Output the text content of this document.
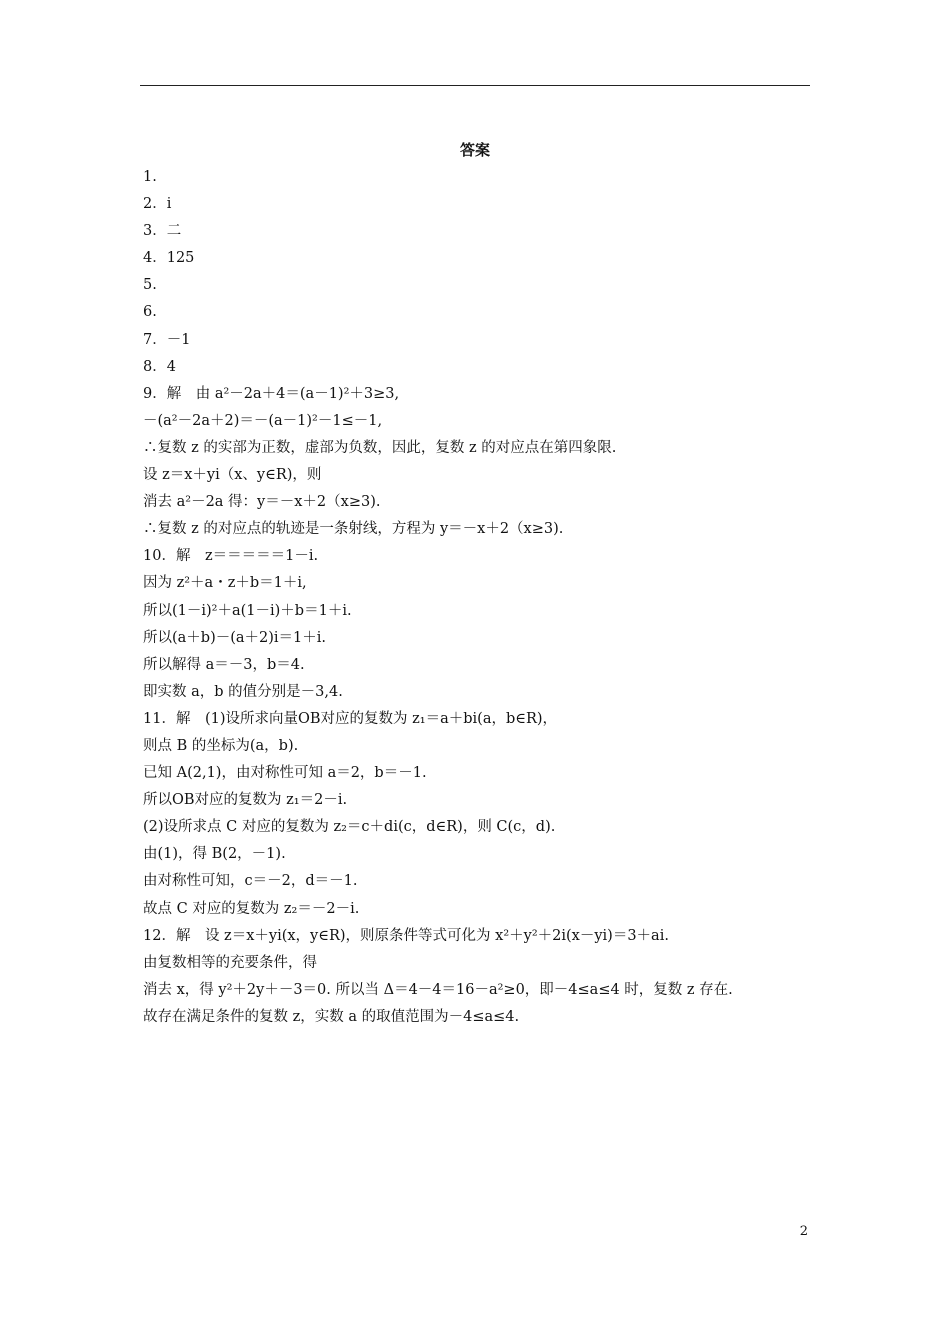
答案
1.
2．i
3．二
4．125
5.
6.
7．－1
8．4
9．解　由 a²－2a＋4＝(a－1)²＋3≥3,
－(a²－2a＋2)＝－(a－1)²－1≤－1,
∴复数 z 的实部为正数，虚部为负数，因此，复数 z 的对应点在第四象限.
设 z＝x＋yi（x、y∈R)，则
消去 a²－2a 得：y＝－x＋2（x≥3).
∴复数 z 的对应点的轨迹是一条射线，方程为 y＝－x＋2（x≥3).
10．解　z＝＝＝＝＝1－i.
因为 z²＋a・z＋b＝1＋i,
所以(1－i)²＋a(1－i)＋b＝1＋i.
所以(a＋b)－(a＋2)i＝1＋i.
所以解得 a＝－3，b＝4.
即实数 a，b 的值分别是－3,4.
11．解　(1)设所求向量OB对应的复数为 z₁＝a＋bi(a，b∈R)，
则点 B 的坐标为(a，b).
已知 A(2,1)，由对称性可知 a＝2，b＝－1.
所以OB对应的复数为 z₁＝2－i.
(2)设所求点 C 对应的复数为 z₂＝c＋di(c，d∈R)，则 C(c，d).
由(1)，得 B(2，－1).
由对称性可知，c＝－2，d＝－1.
故点 C 对应的复数为 z₂＝－2－i.
12．解　设 z＝x＋yi(x，y∈R)，则原条件等式可化为 x²＋y²＋2i(x－yi)＝3＋ai.
由复数相等的充要条件，得
消去 x，得 y²＋2y＋－3＝0. 所以当 Δ＝4－4＝16－a²≥0，即－4≤a≤4 时，复数 z 存在.
故存在满足条件的复数 z，实数 a 的取值范围为－4≤a≤4.
2
